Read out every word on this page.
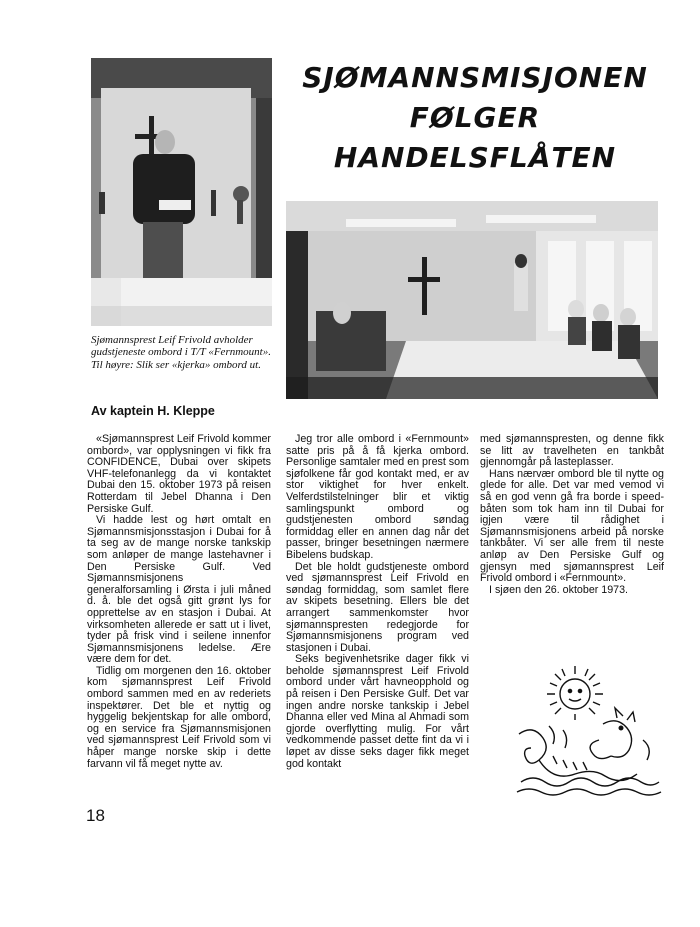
SJØMANNSMISJONEN
FØLGER
HANDELSFLÅTEN

Sjømannsprest Leif Frivold avholder gudstjeneste ombord i T/T «Fernmount». Til høyre: Slik ser «kjerka» ombord ut.

Av kaptein H. Kleppe

«Sjømannsprest Leif Frivold kommer ombord», var opplysningen vi fikk fra CONFIDENCE, Dubai over skipets VHF-telefonanlegg da vi kontaktet Dubai den 15. oktober 1973 på reisen Rotterdam til Jebel Dhanna i Den Persiske Gulf.

Vi hadde lest og hørt omtalt en Sjømannsmisjonsstasjon i Dubai for å ta seg av de mange norske tankskip som anløper de mange lastehavner i Den Persiske Gulf. Ved Sjømannsmisjonens generalforsamling i Ørsta i juli måned d. å. ble det også gitt grønt lys for opprettelse av en stasjon i Dubai. At virksomheten allerede er satt ut i livet, tyder på frisk vind i seilene innenfor Sjømannsmisjonens ledelse. Ære være dem for det.

Tidlig om morgenen den 16. oktober kom sjømannsprest Leif Frivold ombord sammen med en av rederiets inspektører. Det ble et nyttig og hyggelig bekjentskap for alle ombord, og en service fra Sjømannsmisjonen ved sjømannsprest Leif Frivold som vi håper mange norske skip i dette farvann vil få meget nytte av.

Jeg tror alle ombord i «Fernmount» satte pris på å få kjerka ombord. Personlige samtaler med en prest som sjøfolkene får god kontakt med, er av stor viktighet for hver enkelt. Velferdstilstelninger blir et viktig samlingspunkt ombord og gudstjenesten ombord søndag formiddag eller en annen dag når det passer, bringer besetningen nærmere Bibelens budskap.

Det ble holdt gudstjeneste ombord ved sjømannsprest Leif Frivold en søndag formiddag, som samlet flere av skipets besetning. Ellers ble det arrangert sammenkomster hvor sjømannspresten redegjorde for Sjømannsmisjonens program ved stasjonen i Dubai.

Seks begivenhetsrike dager fikk vi beholde sjømannsprest Leif Frivold ombord under vårt havneopphold og på reisen i Den Persiske Gulf. Det var ingen andre norske tankskip i Jebel Dhanna eller ved Mina al Ahmadi som gjorde overflytting mulig. For vårt vedkommende passet dette fint da vi i løpet av disse seks dager fikk meget god kontakt

med sjømannspresten, og denne fikk se litt av travelheten en tankbåt gjennomgår på lasteplasser.

Hans nærvær ombord ble til nytte og glede for alle. Det var med vemod vi så en god venn gå fra borde i speed-båten som tok ham inn til Dubai for igjen være til rådighet i Sjømannsmisjonens arbeid på norske tankbåter. Vi ser alle frem til neste anløp av Den Persiske Gulf og gjensyn med sjømannsprest Leif Frivold ombord i «Fernmount».

I sjøen den 26. oktober 1973.

18
